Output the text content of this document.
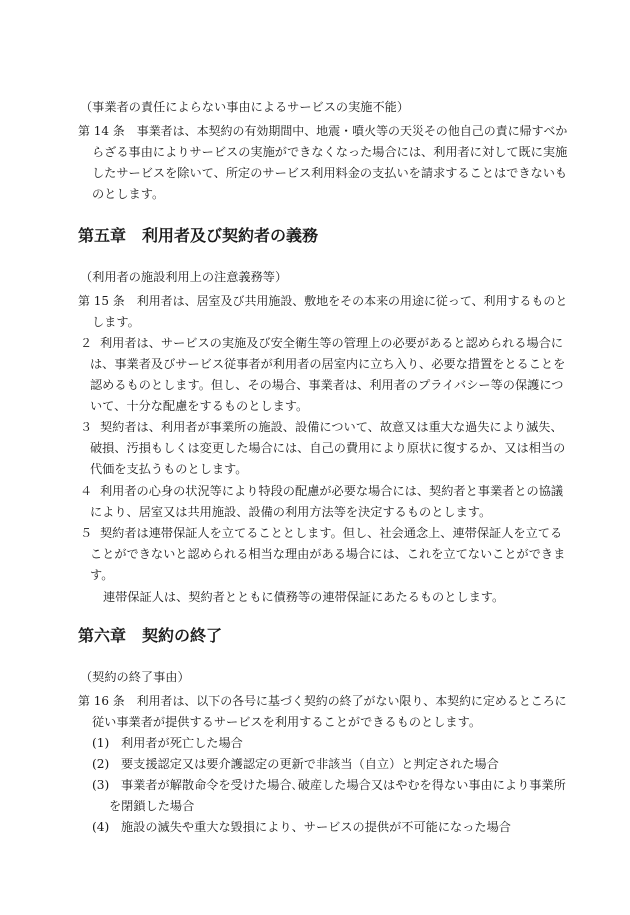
（事業者の責任によらない事由によるサービスの実施不能）
第 14 条　事業者は、本契約の有効期間中、地震・噴火等の天災その他自己の責に帰すべか
らざる事由によりサービスの実施ができなくなった場合には、利用者に対して既に実施
したサービスを除いて、所定のサービス利用料金の支払いを請求することはできないも
のとします。
第五章　利用者及び契約者の義務
（利用者の施設利用上の注意義務等）
第 15 条　利用者は、居室及び共用施設、敷地をその本来の用途に従って、利用するものと
します。
２ 利用者は、サービスの実施及び安全衛生等の管理上の必要があると認められる場合に
は、事業者及びサービス従事者が利用者の居室内に立ち入り、必要な措置をとることを
認めるものとします。但し、その場合、事業者は、利用者のプライバシー等の保護につ
いて、十分な配慮をするものとします。
３ 契約者は、利用者が事業所の施設、設備について、故意又は重大な過失により滅失、
破損、汚損もしくは変更した場合には、自己の費用により原状に復するか、又は相当の
代価を支払うものとします。
４ 利用者の心身の状況等により特段の配慮が必要な場合には、契約者と事業者との協議
により、居室又は共用施設、設備の利用方法等を決定するものとします。
５ 契約者は連帯保証人を立てることとします。但し、社会通念上、連帯保証人を立てる
ことができないと認められる相当な理由がある場合には、これを立てないことができま
す。
連帯保証人は、契約者とともに債務等の連帯保証にあたるものとします。
第六章　契約の終了
（契約の終了事由）
第 16 条　利用者は、以下の各号に基づく契約の終了がない限り、本契約に定めるところに
従い事業者が提供するサービスを利用することができるものとします。
(1) 利用者が死亡した場合
(2) 要支援認定又は要介護認定の更新で非該当（自立）と判定された場合
(3) 事業者が解散命令を受けた場合､破産した場合又はやむを得ない事由により事業所
を閉鎖した場合
(4) 施設の滅失や重大な毀損により、サービスの提供が不可能になった場合
